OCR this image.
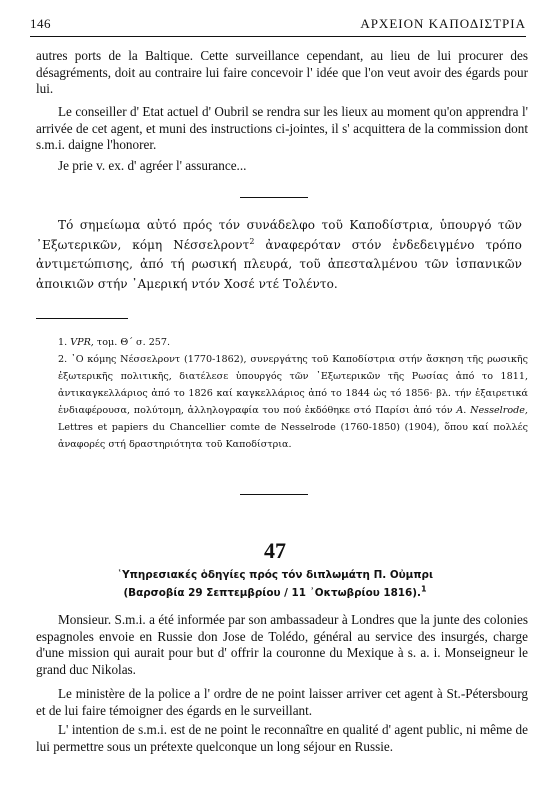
146	ΑΡΧΕΙΟΝ ΚΑΠΟΔΙΣΤΡΙΑ
autres ports de la Baltique. Cette surveillance cependant, au lieu de lui procurer des désagréments, doit au contraire lui faire concevoir l' idée que l'on veut avoir des égards pour lui.
Le conseiller d' Etat actuel d' Oubril se rendra sur les lieux au moment qu'on apprendra l' arrivée de cet agent, et muni des instructions ci-jointes, il s' acquittera de la commission dont s.m.i. daigne l'honorer.
Je prie v. ex. d' agréer l' assurance...
Τό σημείωμα αὐτό πρός τόν συνάδελφο τοῦ Καποδίστρια, ὑπουργό τῶν ᾿Εξωτερικῶν, κόμη Νέσσελροντ$^2$ ἀναφερόταν στόν ἐνδεδειγμένο τρόπο ἀντιμετώπισης, ἀπό τή ρωσική πλευρά, τοῦ ἀπεσταλμένου τῶν ἰσπανικῶν ἀποικιῶν στήν ᾿Αμερική ντόν Χοσέ ντέ Τολέντο.
1. VPR, τομ. Θ΄ σ. 257.
2. ᾿Ο κόμης Νέσσελροντ (1770-1862), συνεργάτης τοῦ Καποδίστρια στήν ἄσκηση τῆς ρωσικῆς ἐξωτερικῆς πολιτικῆς, διατέλεσε ὑπουργός τῶν ᾿Εξωτερικῶν τῆς Ρωσίας ἀπό το 1811, ἀντικαγκελλάριος ἀπό το 1826 καί καγκελλάριος ἀπό το 1844 ὡς τό 1856· βλ. τήν ἐξαιρετικά ἐνδιαφέρουσα, πολύτομη, ἀλληλογραφία του πού ἐκδόθηκε στό Παρίσι ἀπό τόν A. Nesselrode, Lettres et papiers du Chancellier comte de Nesselrode (1760-1850) (1904), ὅπου καί πολλές ἀναφορές στή δραστηριότητα τοῦ Καποδίστρια.
47
῾Υπηρεσιακές ὁδηγίες πρός τόν διπλωμάτη Π. Οὐμπρι
(Βαρσοβία 29 Σεπτεμβρίου / 11 ᾿Οκτωβρίου 1816).$^1$
Monsieur. S.m.i. a été informée par son ambassadeur à Londres que la junte des colonies espagnoles envoie en Russie don Jose de Tolédo, général au service des insurgés, charge d'une mission qui aurait pour but d' offrir la couronne du Mexique à s. a. i. Monseigneur le grand duc Nikolas.
Le ministère de la police a l' ordre de ne point laisser arriver cet agent à St.-Pétersbourg et de lui faire témoigner des égards en le surveillant.
L' intention de s.m.i. est de ne point le reconnaître en qualité d' agent public, ni même de lui permettre sous un prétexte quelconque un long séjour en Russie.
